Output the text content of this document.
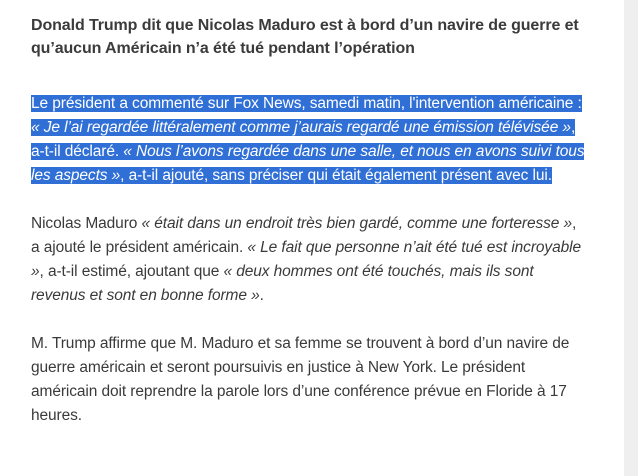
Donald Trump dit que Nicolas Maduro est à bord d’un navire de guerre et qu’aucun Américain n’a été tué pendant l’opération

Le président a commenté sur Fox News, samedi matin, l'intervention américaine : « Je l’ai regardée littéralement comme j’aurais regardé une émission télévisée », a-t-il déclaré. « Nous l’avons regardée dans une salle, et nous en avons suivi tous les aspects », a-t-il ajouté, sans préciser qui était également présent avec lui.

Nicolas Maduro « était dans un endroit très bien gardé, comme une forteresse », a ajouté le président américain. « Le fait que personne n’ait été tué est incroyable », a-t-il estimé, ajoutant que « deux hommes ont été touchés, mais ils sont revenus et sont en bonne forme ».

M. Trump affirme que M. Maduro et sa femme se trouvent à bord d’un navire de guerre américain et seront poursuivis en justice à New York. Le président américain doit reprendre la parole lors d’une conférence prévue en Floride à 17 heures.
